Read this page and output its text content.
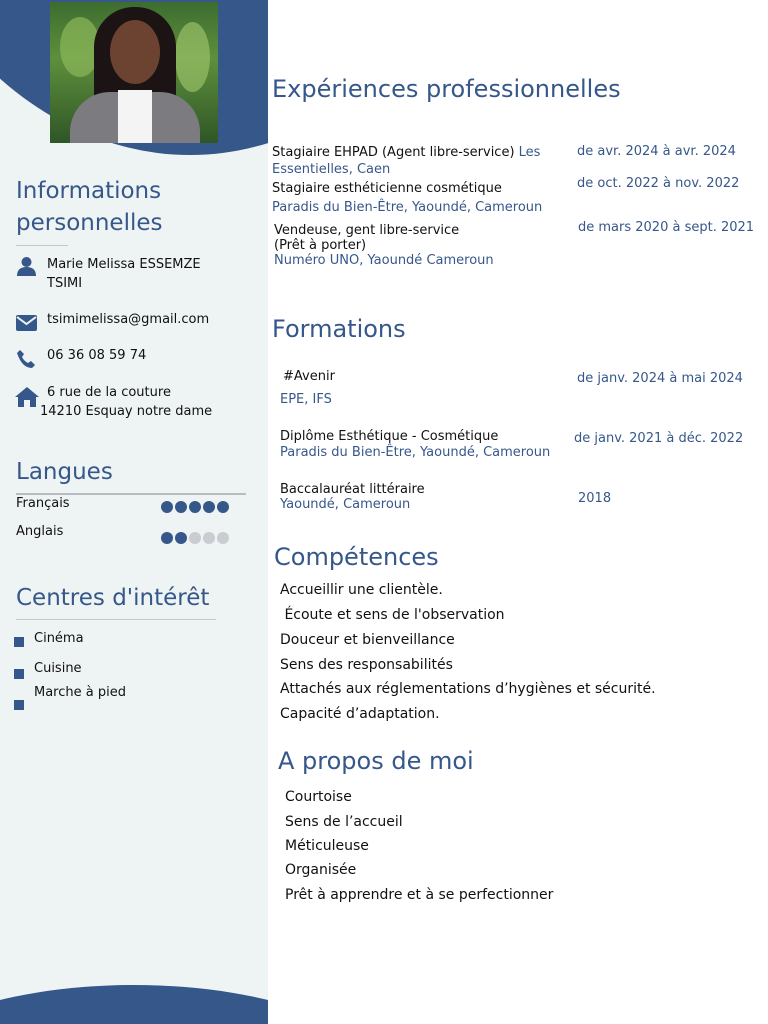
Informations
personnelles
Marie Melissa ESSEMZE
TSIMI
tsimimelissa@gmail.com
06 36 08 59 74
6 rue de la couture
14210 Esquay notre dame
Langues
Français
Anglais
Centres d'intérêt
Cinéma
Cuisine
Marche à pied
Expériences professionnelles
Stagiaire EHPAD (Agent libre-service) Les
Essentielles, Caen
de avr. 2024 à avr. 2024
Stagiaire esthéticienne cosmétique
Paradis du Bien-Être, Yaoundé, Cameroun
de oct. 2022 à nov. 2022
Vendeuse, gent libre-service
(Prêt à porter)
Numéro UNO, Yaoundé Cameroun
de mars 2020 à sept. 2021
Formations
#Avenir
EPE, IFS
de janv. 2024 à mai 2024
Diplôme Esthétique - Cosmétique
Paradis du Bien-Être, Yaoundé, Cameroun
de janv. 2021 à déc. 2022
Baccalauréat littéraire
Yaoundé, Cameroun	2018
Compétences
Accueillir une clientèle.
Écoute et sens de l'observation
Douceur et bienveillance
Sens des responsabilités
Attachés aux réglementations d’hygiènes et sécurité.
Capacité d’adaptation.
A propos de moi
Courtoise
Sens de l’accueil
Méticuleuse
Organisée
Prêt à apprendre et à se perfectionner
